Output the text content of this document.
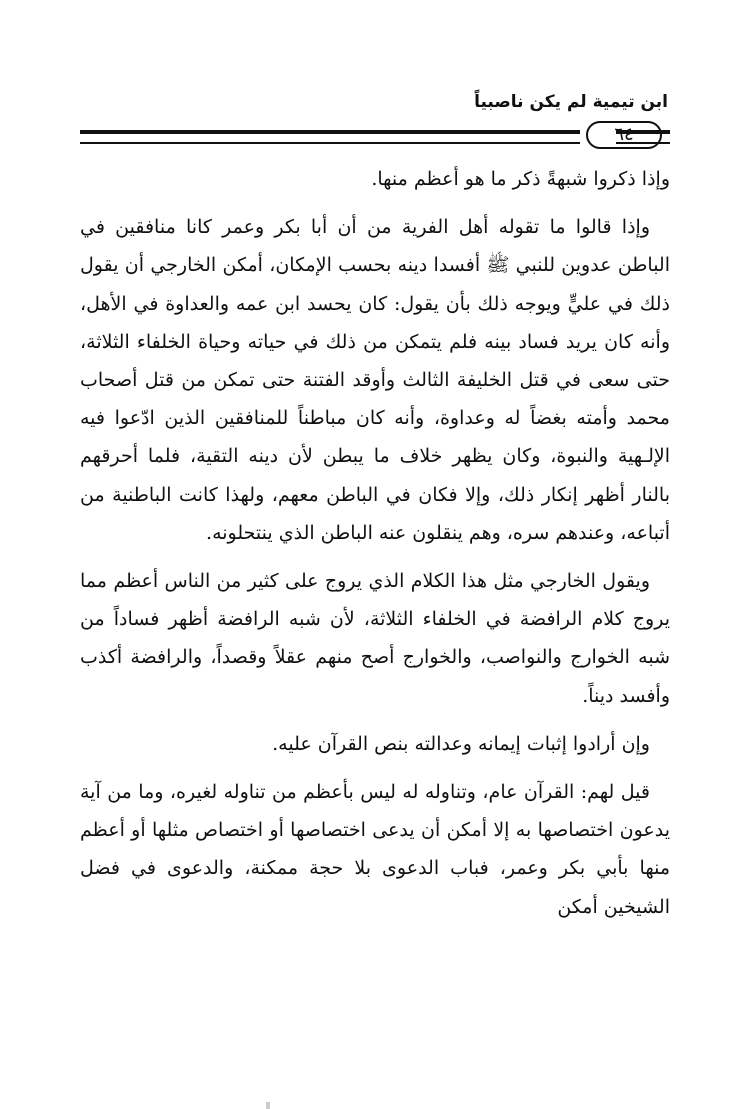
ابن تيمية لم يكن ناصبياً
٦٤

وإذا ذكروا شبهةً ذكر ما هو أعظم منها.

وإذا قالوا ما تقوله أهل الفرية من أن أبا بكر وعمر كانا منافقين في الباطن عدوين للنبي ﷺ أفسدا دينه بحسب الإمكان، أمكن الخارجي أن يقول ذلك في عليٍّ ويوجه ذلك بأن يقول: كان يحسد ابن عمه والعداوة في الأهل، وأنه كان يريد فساد بينه فلم يتمكن من ذلك في حياته وحياة الخلفاء الثلاثة، حتى سعى في قتل الخليفة الثالث وأوقد الفتنة حتى تمكن من قتل أصحاب محمد وأمته بغضاً له وعداوة، وأنه كان مباطناً للمنافقين الذين ادّعوا فيه الإلـهية والنبوة، وكان يظهر خلاف ما يبطن لأن دينه التقية، فلما أحرقهم بالنار أظهر إنكار ذلك، وإلا فكان في الباطن معهم، ولهذا كانت الباطنية من أتباعه، وعندهم سره، وهم ينقلون عنه الباطن الذي ينتحلونه.

ويقول الخارجي مثل هذا الكلام الذي يروج على كثير من الناس أعظم مما يروج كلام الرافضة في الخلفاء الثلاثة، لأن شبه الرافضة أظهر فساداً من شبه الخوارج والنواصب، والخوارج أصح منهم عقلاً وقصداً، والرافضة أكذب وأفسد ديناً.

وإن أرادوا إثبات إيمانه وعدالته بنص القرآن عليه.

قيل لهم: القرآن عام، وتناوله له ليس بأعظم من تناوله لغيره، وما من آية يدعون اختصاصها به إلا أمكن أن يدعى اختصاصها أو اختصاص مثلها أو أعظم منها بأبي بكر وعمر، فباب الدعوى بلا حجة ممكنة، والدعوى في فضل الشيخين أمكن
